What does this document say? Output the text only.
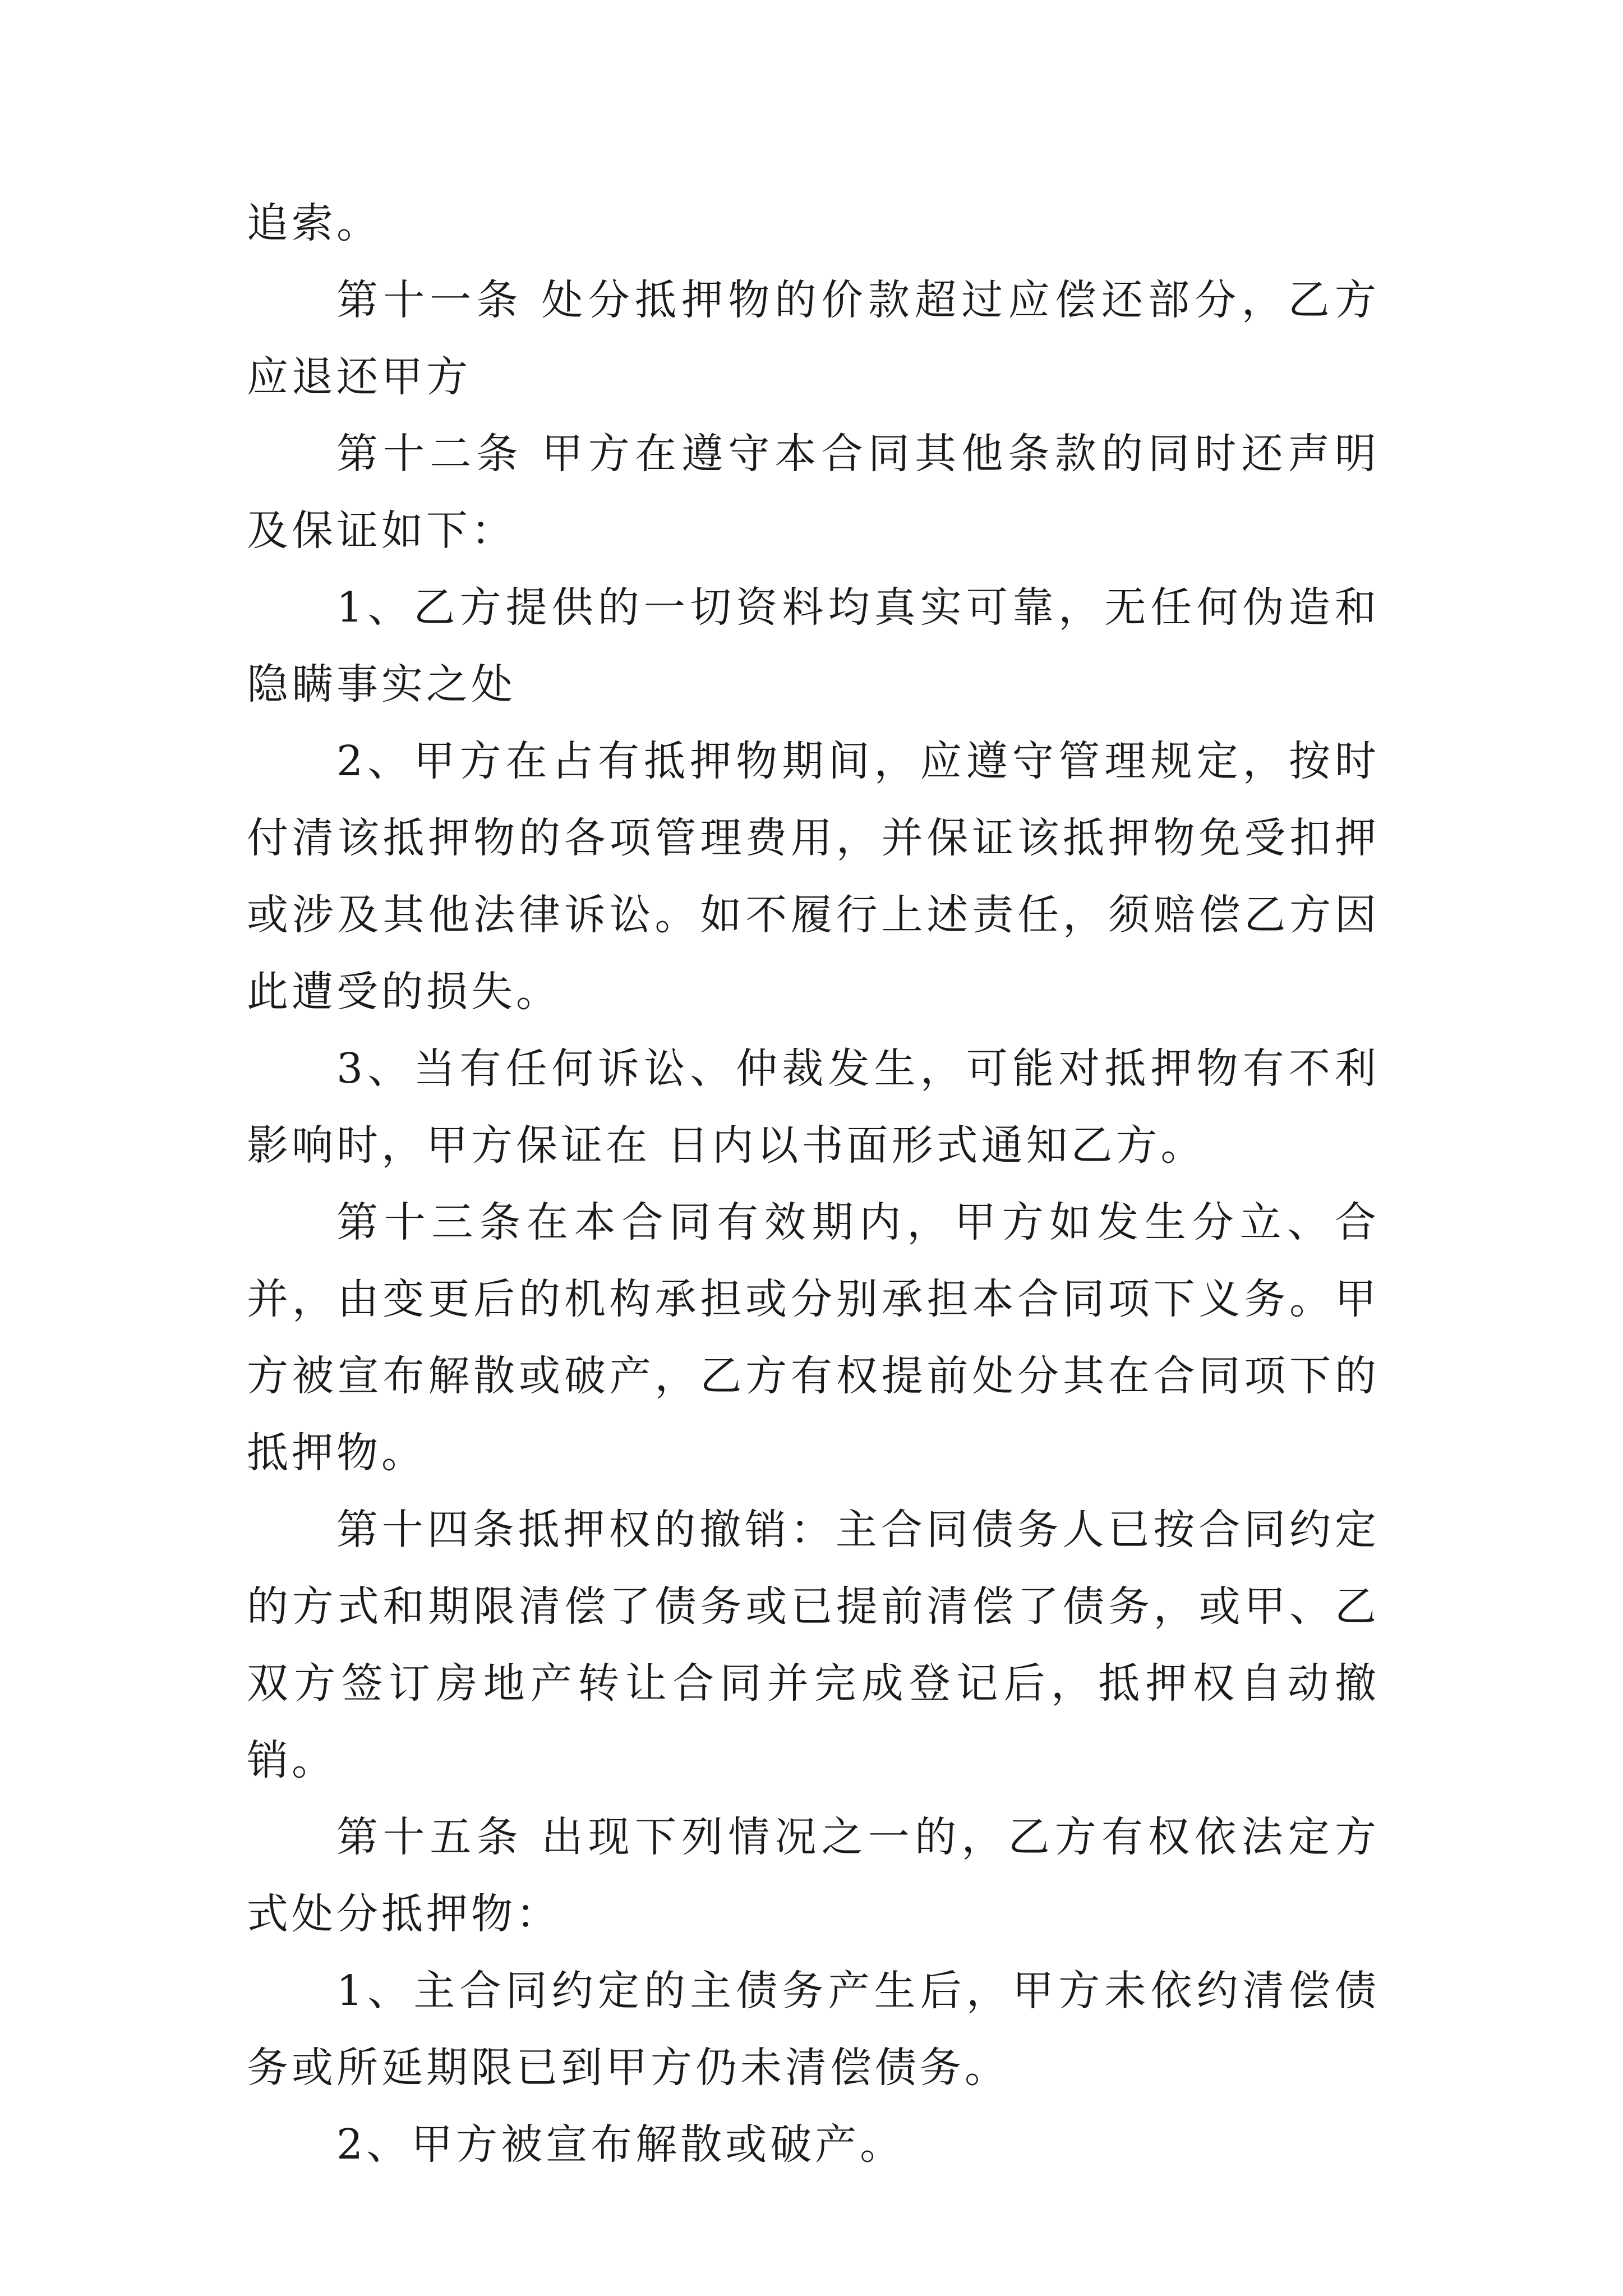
追索。

第十一条 处分抵押物的价款超过应偿还部分，乙方应退还甲方

第十二条 甲方在遵守本合同其他条款的同时还声明及保证如下：

1、乙方提供的一切资料均真实可靠，无任何伪造和隐瞒事实之处

2、甲方在占有抵押物期间，应遵守管理规定，按时付清该抵押物的各项管理费用，并保证该抵押物免受扣押或涉及其他法律诉讼。如不履行上述责任，须赔偿乙方因此遭受的损失。

3、当有任何诉讼、仲裁发生，可能对抵押物有不利影响时，甲方保证在 日内以书面形式通知乙方。

第十三条在本合同有效期内，甲方如发生分立、合并，由变更后的机构承担或分别承担本合同项下义务。甲方被宣布解散或破产，乙方有权提前处分其在合同项下的抵押物。

第十四条抵押权的撤销：主合同债务人已按合同约定的方式和期限清偿了债务或已提前清偿了债务，或甲、乙双方签订房地产转让合同并完成登记后，抵押权自动撤销。

第十五条 出现下列情况之一的，乙方有权依法定方式处分抵押物：

1、主合同约定的主债务产生后，甲方未依约清偿债务或所延期限已到甲方仍未清偿债务。

2、甲方被宣布解散或破产。
